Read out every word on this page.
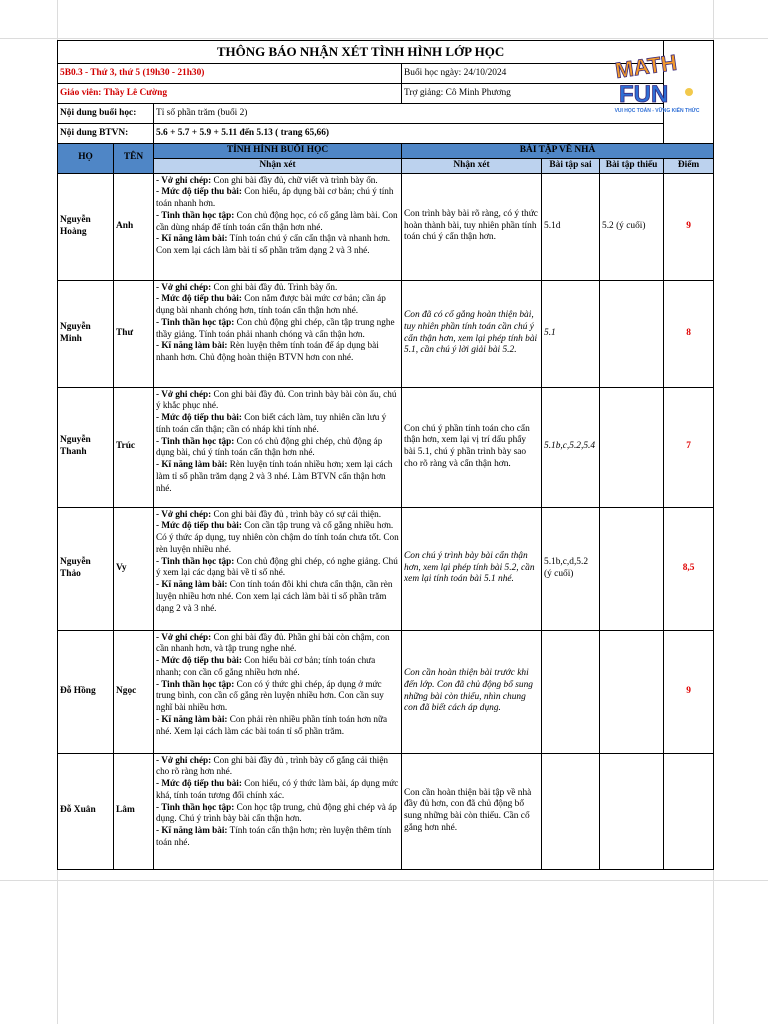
THÔNG BÁO NHẬN XÉT TÌNH HÌNH LỚP HỌC						
5B0.3 - Thứ 3, thứ 5 (19h30 - 21h30)			Buổi học ngày: 24/10/2024			
Giáo viên: Thầy Lê Cường			Trợ giảng: Cô Minh Phương			
Nội dung buổi học:		Tỉ số phần trăm (buổi 2)				
Nội dung BTVN:		5.6 + 5.7 + 5.9 + 5.11 đến 5.13 ( trang 65,66)				
HỌ	TÊN	TÌNH HÌNH BUỔI HỌC	BÀI TẬP VỀ NHÀ			
		Nhận xét	Nhận xét	Bài tập sai	Bài tập thiếu	Điểm
Nguyễn Hoàng	Anh	- Vở ghi chép: Con ghi bài đầy đủ, chữ viết và trình bày ổn.
- Mức độ tiếp thu bài: Con hiểu, áp dụng bài cơ bản; chú ý tính toán nhanh hơn.
- Tinh thần học tập: Con chủ động học, có cố gắng làm bài. Con cần dùng nháp để tính toán cẩn thận hơn nhé.
- Kĩ năng làm bài: Tính toán chú ý cẩn cẩn thận và nhanh hơn. Con xem lại cách làm bài tỉ số phần trăm dạng 2 và 3 nhé.	Con trình bày bài rõ ràng, có ý thức hoàn thành bài, tuy nhiên phần tính toán chú ý cẩn thận hơn.	5.1d	5.2 (ý cuối)	9
Nguyễn Minh	Thư	- Vở ghi chép: Con ghi bài đầy đủ. Trình bày ổn.
- Mức độ tiếp thu bài: Con nắm được bài mức cơ bản; cần áp dụng bài nhanh chóng hơn, tính toán cẩn thận hơn nhé.
- Tinh thần học tập: Con chủ động ghi chép, cần tập trung nghe thầy giảng. Tính toán phải nhanh chóng và cẩn thận hơn.
- Kĩ năng làm bài: Rèn luyện thêm tính toán để áp dụng bài nhanh hơn. Chủ động hoàn thiện BTVN hơn con nhé.	Con đã có cố gắng hoàn thiện bài, tuy nhiên phần tính toán cần chú ý cẩn thận hơn, xem lại phép tính bài 5.1, cần chú ý lời giải bài 5.2.	5.1		8
Nguyễn Thanh	Trúc	- Vở ghi chép: Con ghi bài đầy đủ. Con trình bày bài còn ẩu, chú ý khắc phục nhé.
- Mức độ tiếp thu bài: Con biết cách làm, tuy nhiên cần lưu ý tính toán cẩn thận; cần có nháp khi tính nhé.
- Tinh thần học tập: Con có chủ động ghi chép, chủ động áp dụng bài, chú ý tính toán cẩn thận hơn nhé.
- Kĩ năng làm bài: Rèn luyện tính toán nhiều hơn; xem lại cách làm tỉ số phần trăm dạng 2 và 3 nhé. Làm BTVN cẩn thận hơn nhé.	Con chú ý phần tính toán cho cẩn thận hơn, xem lại vị trí dấu phẩy bài 5.1, chú ý phần trình bày sao cho rõ ràng và cẩn thận hơn.	5.1b,c,5.2,5.4		7
Nguyễn Thảo	Vy	- Vở ghi chép: Con ghi bài đầy đủ , trình bày có sự cải thiện.
- Mức độ tiếp thu bài: Con cần tập trung và cố gắng nhiều hơn. Có ý thức áp dụng, tuy nhiên còn chậm do tính toán chưa tốt. Con rèn luyện nhiều nhé.
- Tinh thần học tập: Con chủ động ghi chép, có nghe giảng. Chú ý xem lại các dạng bài về tỉ số nhé.
- Kĩ năng làm bài: Con tính toán đôi khi chưa cẩn thận, cần rèn luyện nhiều hơn nhé. Con xem lại cách làm bài tỉ số phần trăm dạng 2 và 3 nhé.	Con chú ý trình bày bài cẩn thận hơn, xem lại phép tính bài 5.2, cần xem lại tính toán bài 5.1 nhé.	5.1b,c,d,5.2 (ý cuối)		8,5
Đỗ Hồng	Ngọc	- Vở ghi chép: Con ghi bài đầy đủ. Phần ghi bài còn chậm, con cần nhanh hơn, và tập trung nghe nhé.
- Mức độ tiếp thu bài: Con hiểu bài cơ bản; tính toán chưa nhanh; con cần cố gắng nhiều hơn nhé.
- Tinh thần học tập: Con có ý thức ghi chép, áp dụng ở mức trung bình, con cần cố gắng rèn luyện nhiều hơn. Con cần suy nghĩ bài nhiều hơn.
- Kĩ năng làm bài: Con phải rèn nhiều phần tính toán hơn nữa nhé. Xem lại cách làm các bài toán tỉ số phần trăm.	Con cần hoàn thiện bài trước khi đến lớp. Con đã chủ động bổ sung những bài còn thiếu, nhìn chung con đã biết cách áp dụng.			9
Đỗ Xuân	Lâm	- Vở ghi chép: Con ghi bài đầy đủ , trình bày cố gắng cải thiện cho rõ ràng hơn nhé.
- Mức độ tiếp thu bài: Con hiểu, có ý thức làm bài, áp dụng mức khá, tính toán tương đối chính xác.
- Tinh thần học tập: Con học tập trung, chủ động ghi chép và áp dụng. Chú ý trình bày bài cẩn thận hơn.
- Kĩ năng làm bài: Tính toán cẩn thận hơn; rèn luyện thêm tính toán nhé.	Con cần hoàn thiện bài tập về nhà đầy đủ hơn, con đã chủ động bổ sung những bài còn thiếu. Cần cố gắng hơn nhé.			
MATH
FUN
VUI HỌC TOÁN - VỮNG KIẾN THỨC
